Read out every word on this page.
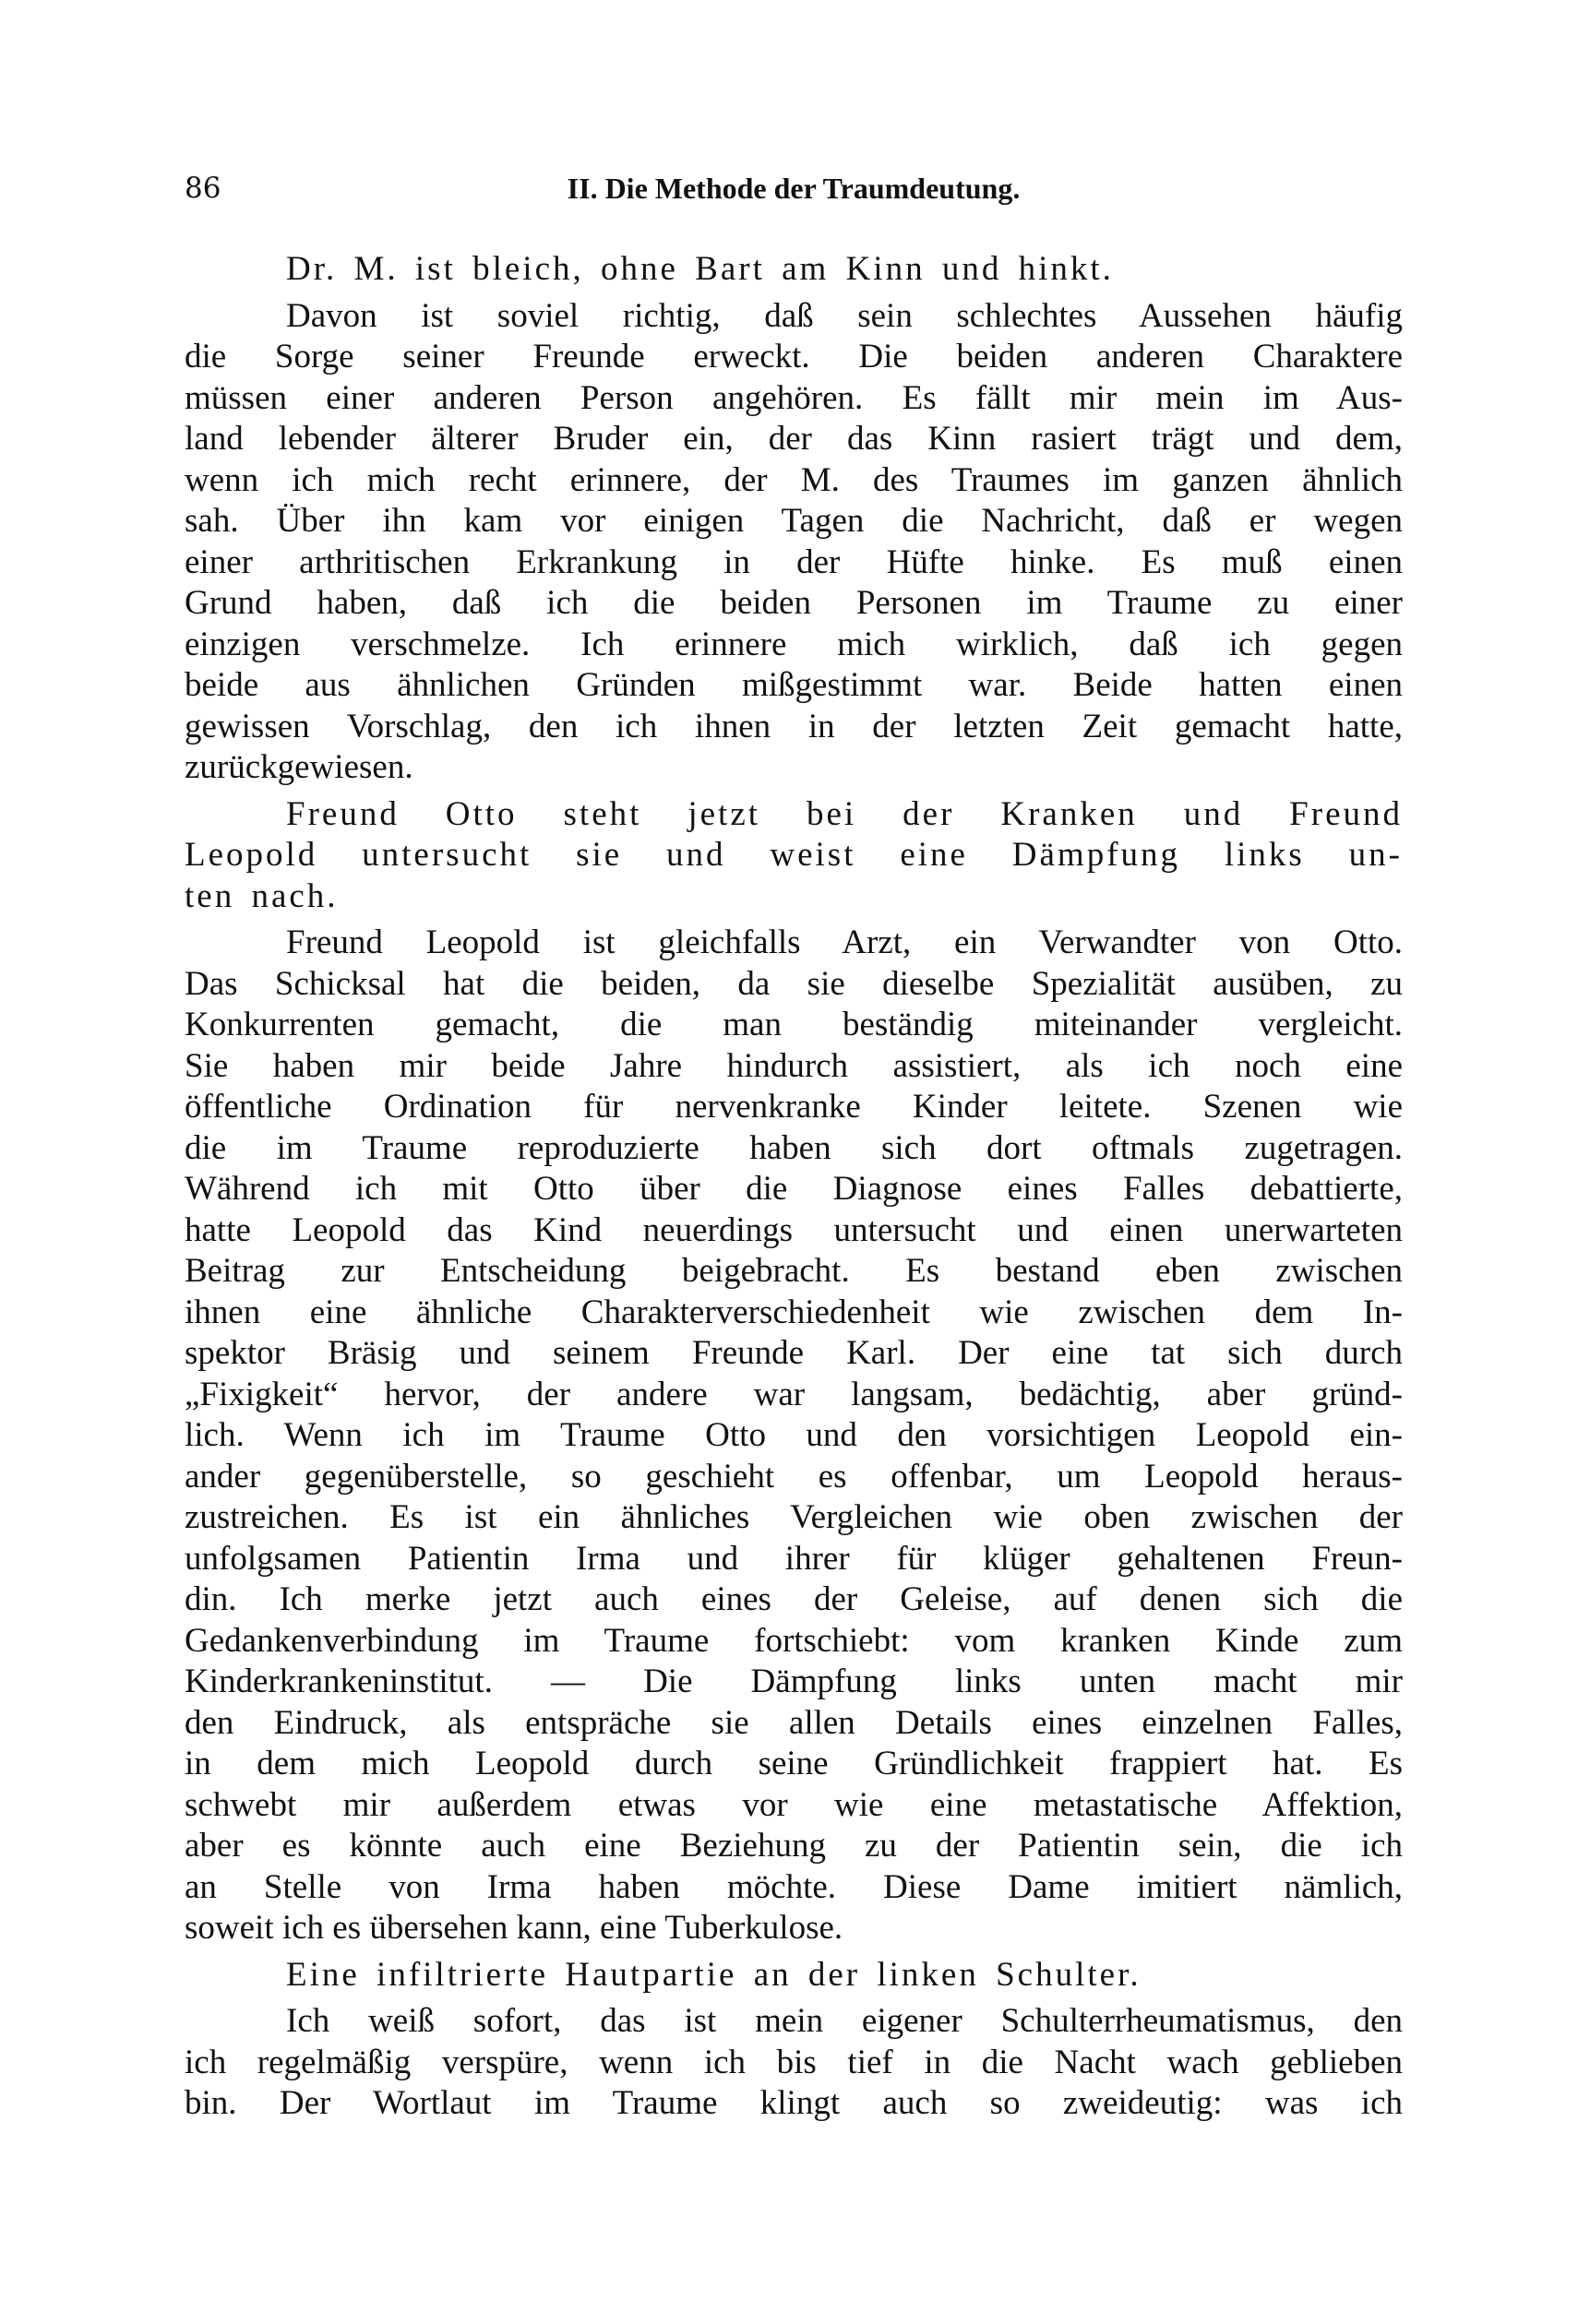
86	II. Die Methode der Traumdeutung.
Dr. M. ist bleich, ohne Bart am Kinn und hinkt.
Davon ist soviel richtig, daß sein schlechtes Aussehen häufig
die Sorge seiner Freunde erweckt. Die beiden anderen Charaktere
müssen einer anderen Person angehören. Es fällt mir mein im Aus-
land lebender älterer Bruder ein, der das Kinn rasiert trägt und dem,
wenn ich mich recht erinnere, der M. des Traumes im ganzen ähnlich
sah. Über ihn kam vor einigen Tagen die Nachricht, daß er wegen
einer arthritischen Erkrankung in der Hüfte hinke. Es muß einen
Grund haben, daß ich die beiden Personen im Traume zu einer
einzigen verschmelze. Ich erinnere mich wirklich, daß ich gegen
beide aus ähnlichen Gründen mißgestimmt war. Beide hatten einen
gewissen Vorschlag, den ich ihnen in der letzten Zeit gemacht hatte,
zurückgewiesen.
Freund Otto steht jetzt bei der Kranken und Freund
Leopold untersucht sie und weist eine Dämpfung links un-
ten nach.
Freund Leopold ist gleichfalls Arzt, ein Verwandter von Otto.
Das Schicksal hat die beiden, da sie dieselbe Spezialität ausüben, zu
Konkurrenten gemacht, die man beständig miteinander vergleicht.
Sie haben mir beide Jahre hindurch assistiert, als ich noch eine
öffentliche Ordination für nervenkranke Kinder leitete. Szenen wie
die im Traume reproduzierte haben sich dort oftmals zugetragen.
Während ich mit Otto über die Diagnose eines Falles debattierte,
hatte Leopold das Kind neuerdings untersucht und einen unerwarteten
Beitrag zur Entscheidung beigebracht. Es bestand eben zwischen
ihnen eine ähnliche Charakterverschiedenheit wie zwischen dem In-
spektor Bräsig und seinem Freunde Karl. Der eine tat sich durch
„Fixigkeit“ hervor, der andere war langsam, bedächtig, aber gründ-
lich. Wenn ich im Traume Otto und den vorsichtigen Leopold ein-
ander gegenüberstelle, so geschieht es offenbar, um Leopold heraus-
zustreichen. Es ist ein ähnliches Vergleichen wie oben zwischen der
unfolgsamen Patientin Irma und ihrer für klüger gehaltenen Freun-
din. Ich merke jetzt auch eines der Geleise, auf denen sich die
Gedankenverbindung im Traume fortschiebt: vom kranken Kinde zum
Kinderkrankeninstitut. — Die Dämpfung links unten macht mir
den Eindruck, als entspräche sie allen Details eines einzelnen Falles,
in dem mich Leopold durch seine Gründlichkeit frappiert hat. Es
schwebt mir außerdem etwas vor wie eine metastatische Affektion,
aber es könnte auch eine Beziehung zu der Patientin sein, die ich
an Stelle von Irma haben möchte. Diese Dame imitiert nämlich,
soweit ich es übersehen kann, eine Tuberkulose.
Eine infiltrierte Hautpartie an der linken Schulter.
Ich weiß sofort, das ist mein eigener Schulterrheumatismus, den
ich regelmäßig verspüre, wenn ich bis tief in die Nacht wach geblieben
bin. Der Wortlaut im Traume klingt auch so zweideutig: was ich
